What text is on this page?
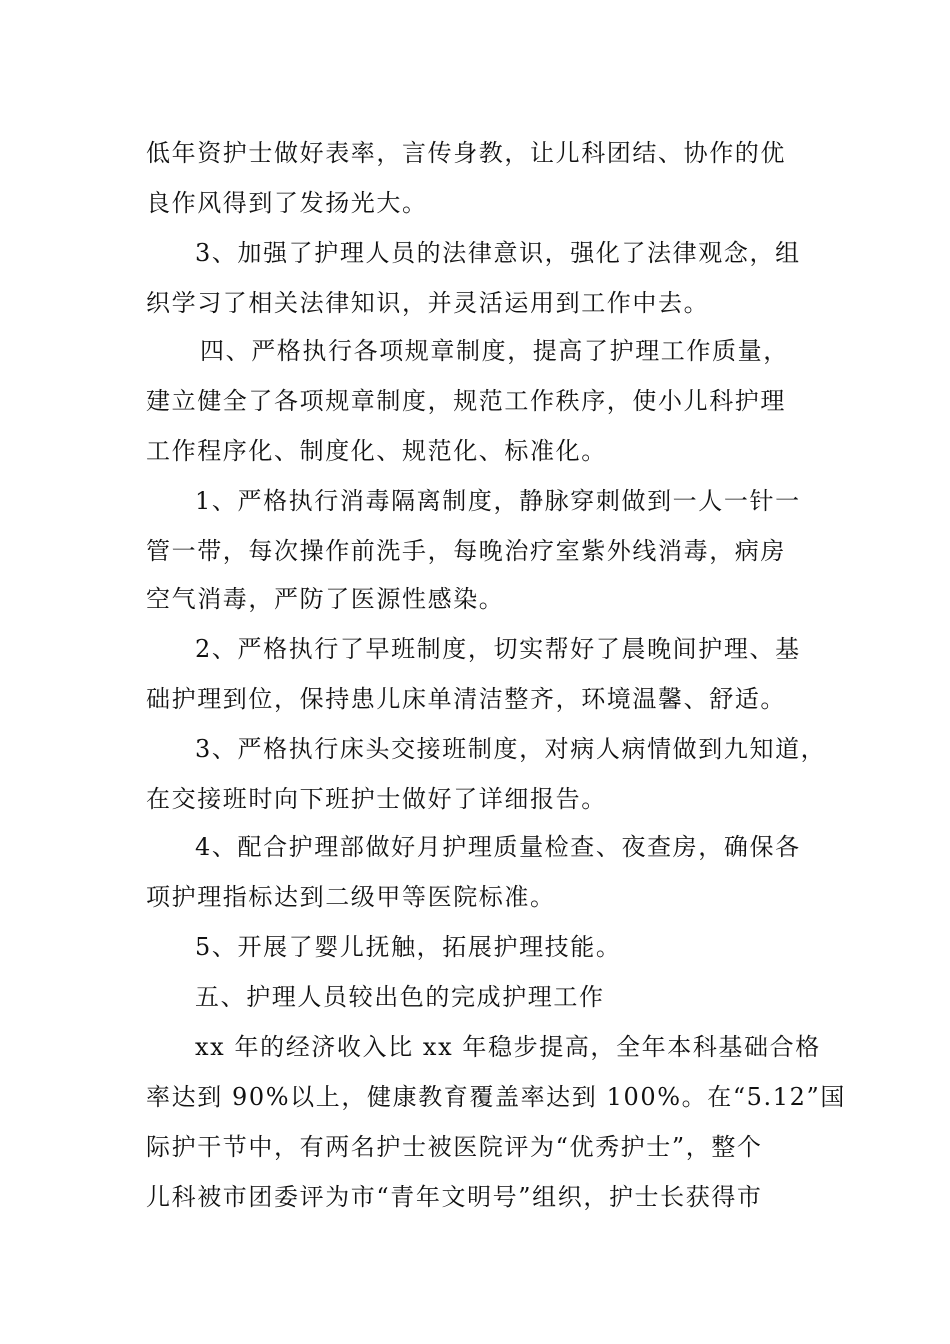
低年资护士做好表率，言传身教，让儿科团结、协作的优
良作风得到了发扬光大。
3、加强了护理人员的法律意识，强化了法律观念，组
织学习了相关法律知识，并灵活运用到工作中去。
四、严格执行各项规章制度，提高了护理工作质量，
建立健全了各项规章制度，规范工作秩序，使小儿科护理
工作程序化、制度化、规范化、标准化。
1、严格执行消毒隔离制度，静脉穿刺做到一人一针一
管一带，每次操作前洗手，每晚治疗室紫外线消毒，病房
空气消毒，严防了医源性感染。
2、严格执行了早班制度，切实帮好了晨晚间护理、基
础护理到位，保持患儿床单清洁整齐，环境温馨、舒适。
3、严格执行床头交接班制度，对病人病情做到九知道，
在交接班时向下班护士做好了详细报告。
4、配合护理部做好月护理质量检查、夜查房，确保各
项护理指标达到二级甲等医院标准。
5、开展了婴儿抚触，拓展护理技能。
五、护理人员较出色的完成护理工作
xx 年的经济收入比 xx 年稳步提高，全年本科基础合格
率达到 90%以上，健康教育覆盖率达到 100%。在“5.12”国
际护干节中，有两名护士被医院评为“优秀护士”，整个
儿科被市团委评为市“青年文明号”组织，护士长获得市
